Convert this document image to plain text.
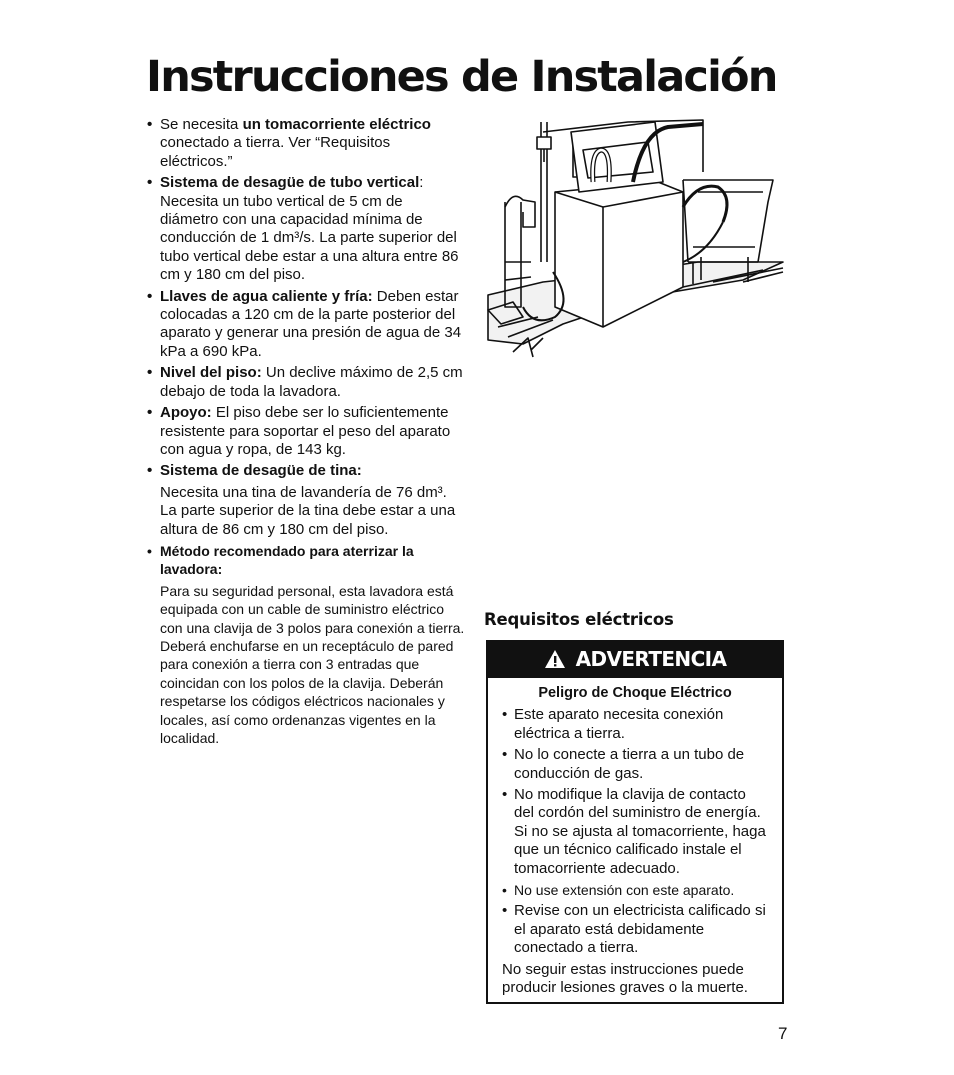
Instrucciones de Instalación

• Se necesita un tomacorriente eléctrico conectado a tierra. Ver “Requisitos eléctricos.”

• Sistema de desagüe de tubo vertical: Necesita un tubo vertical de 5 cm de diámetro con una capacidad mínima de conducción de 1 dm³/s. La parte superior del tubo vertical debe estar a una altura entre 86 cm y 180 cm del piso.

• Llaves de agua caliente y fría: Deben estar colocadas a 120 cm de la parte posterior del aparato y generar una presión de agua de 34 kPa a 690 kPa.

• Nivel del piso: Un declive máximo de 2,5 cm debajo de toda la lavadora.

• Apoyo: El piso debe ser lo suficientemente resistente para soportar el peso del aparato con agua y ropa, de 143 kg.

• Sistema de desagüe de tina:

Necesita una tina de lavandería de 76 dm³. La parte superior de la tina debe estar a una altura de 86 cm y 180 cm del piso.

• Método recomendado para aterrizar la lavadora:

Para su seguridad personal, esta lavadora está equipada con un cable de suministro eléctrico con una clavija de 3 polos para conexión a tierra. Deberá enchufarse en un receptáculo de pared para conexión a tierra con 3 entradas que coincidan con los polos de la clavija. Deberán respetarse los códigos eléctricos nacionales y locales, así como ordenanzas vigentes en la localidad.

Requisitos eléctricos
ADVERTENCIA

Peligro de Choque Eléctrico

• Este aparato necesita conexión eléctrica a tierra.

• No lo conecte a tierra a un tubo de conducción de gas.

• No modifique la clavija de contacto del cordón del suministro de energía. Si no se ajusta al tomacorriente, haga que un técnico calificado instale el tomacorriente adecuado.

• No use extensión con este aparato.

• Revise con un electricista calificado si el aparato está debidamente conectado a tierra.

No seguir estas instrucciones puede producir lesiones graves o la muerte.

7
